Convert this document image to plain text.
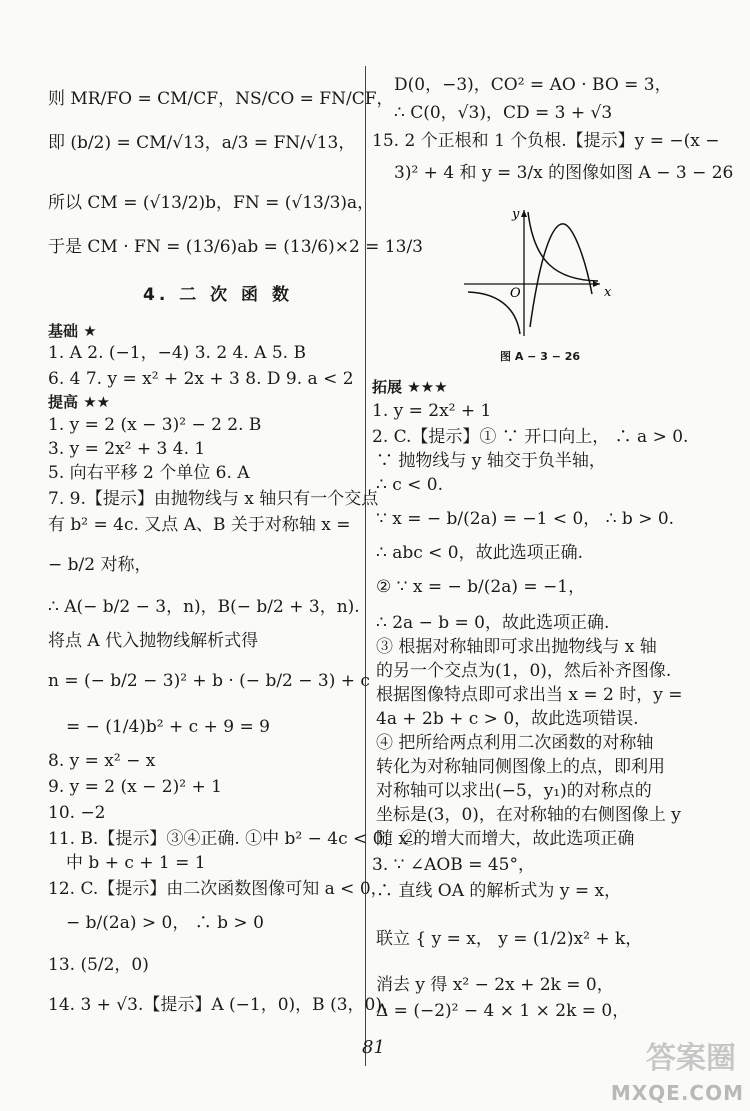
则 MR/FO = CM/CF，NS/CO = FN/CF，
即 (b/2) = CM/√13，a/3 = FN/√13，
所以 CM = (√13/2)b，FN = (√13/3)a，
于是 CM · FN = (13/6)ab = (13/6)×2 = 13/3
4. 二 次 函 数
基础 ★
1. A 2. (−1，−4) 3. 2 4. A 5. B
6. 4 7. y = x² + 2x + 3 8. D 9. a < 2
提高 ★★
1. y = 2 (x − 3)² − 2 2. B
3. y = 2x² + 3 4. 1
5. 向右平移 2 个单位 6. A
7. 9.【提示】由抛物线与 x 轴只有一个交点
有 b² = 4c. 又点 A、B 关于对称轴 x =
− b/2 对称，
∴ A(− b/2 − 3，n)，B(− b/2 + 3，n).
将点 A 代入抛物线解析式得
n = (− b/2 − 3)² + b · (− b/2 − 3) + c
= − (1/4)b² + c + 9 = 9
8. y = x² − x
9. y = 2 (x − 2)² + 1
10. −2
11. B.【提示】③④正确. ①中 b² − 4c < 0，②
中 b + c + 1 = 1
12. C.【提示】由二次函数图像可知 a < 0，
− b/(2a) > 0， ∴ b > 0
13. (5/2，0)
14. 3 + √3.【提示】A (−1，0)，B (3，0)，
D(0，−3)，CO² = AO · BO = 3，
∴ C(0，√3)，CD = 3 + √3
15. 2 个正根和 1 个负根.【提示】y = −(x −
3)² + 4 和 y = 3/x 的图像如图 A − 3 − 26
x
y
O
图 A − 3 − 26
拓展 ★★★
1. y = 2x² + 1
2. C.【提示】① ∵ 开口向上， ∴ a > 0.
∵ 抛物线与 y 轴交于负半轴，
∴ c < 0.
∵ x = − b/(2a) = −1 < 0， ∴ b > 0.
∴ abc < 0，故此选项正确.
② ∵ x = − b/(2a) = −1，
∴ 2a − b = 0，故此选项正确.
③ 根据对称轴即可求出抛物线与 x 轴
的另一个交点为(1，0)，然后补齐图像.
根据图像特点即可求出当 x = 2 时，y =
4a + 2b + c > 0，故此选项错误.
④ 把所给两点利用二次函数的对称轴
转化为对称轴同侧图像上的点，即利用
对称轴可以求出(−5，y₁)的对称点的
坐标是(3，0)，在对称轴的右侧图像上 y
随 x 的增大而增大，故此选项正确
3. ∵ ∠AOB = 45°，
∴ 直线 OA 的解析式为 y = x，
联立 { y = x， y = (1/2)x² + k，
消去 y 得 x² − 2x + 2k = 0，
Δ = (−2)² − 4 × 1 × 2k = 0，
81	答案圈
MXQE.COM
